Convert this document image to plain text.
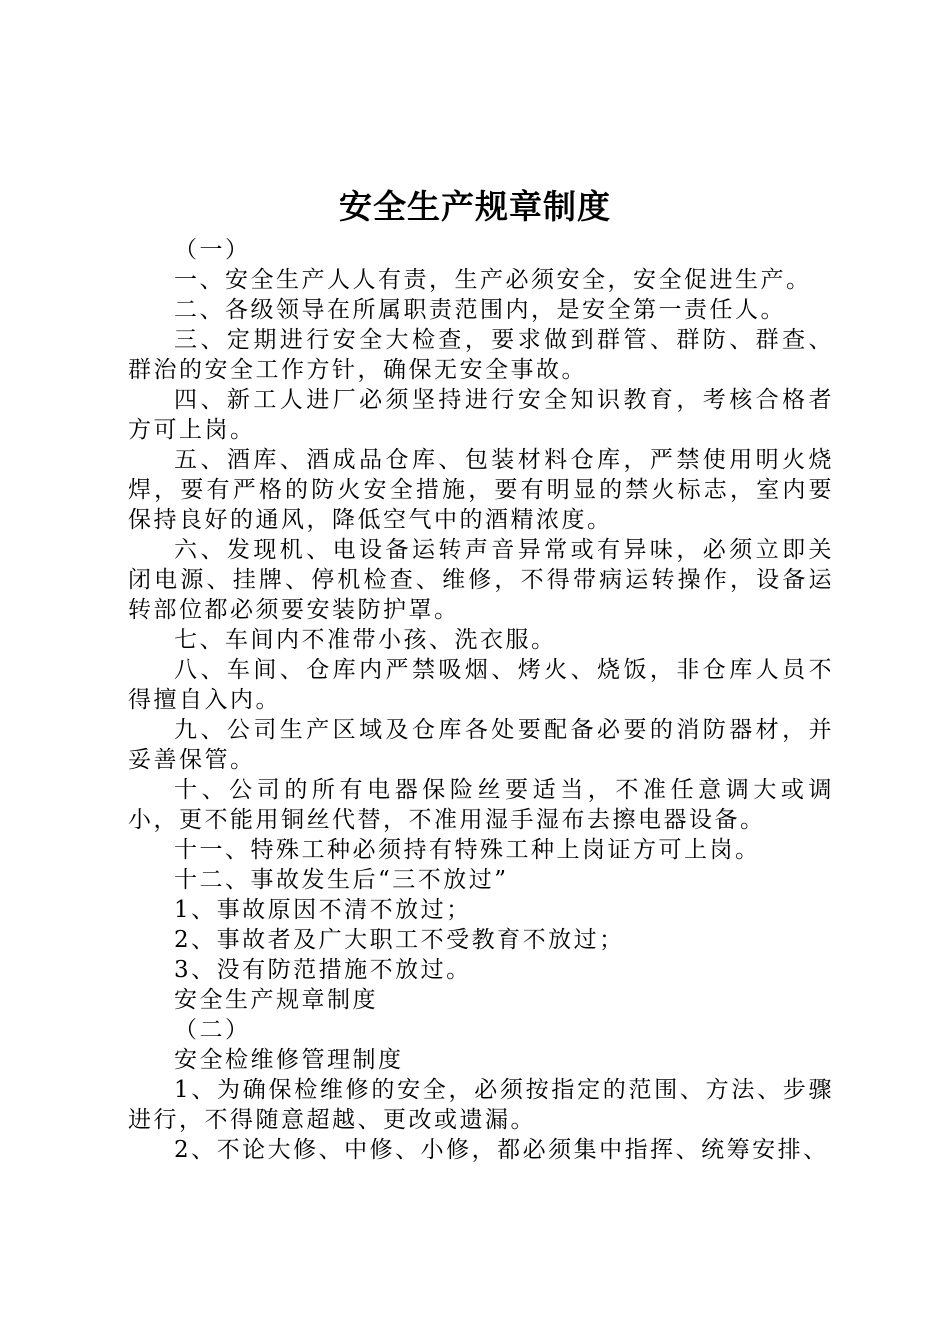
安全生产规章制度

（一）

一、安全生产人人有责，生产必须安全，安全促进生产。

二、各级领导在所属职责范围内，是安全第一责任人。

三、定期进行安全大检查，要求做到群管、群防、群查、群治的安全工作方针，确保无安全事故。

四、新工人进厂必须坚持进行安全知识教育，考核合格者方可上岗。

五、酒库、酒成品仓库、包装材料仓库，严禁使用明火烧焊，要有严格的防火安全措施，要有明显的禁火标志，室内要保持良好的通风，降低空气中的酒精浓度。

六、发现机、电设备运转声音异常或有异味，必须立即关闭电源、挂牌、停机检查、维修，不得带病运转操作，设备运转部位都必须要安装防护罩。

七、车间内不准带小孩、洗衣服。

八、车间、仓库内严禁吸烟、烤火、烧饭，非仓库人员不得擅自入内。

九、公司生产区域及仓库各处要配备必要的消防器材，并妥善保管。

十、公司的所有电器保险丝要适当，不准任意调大或调小，更不能用铜丝代替，不准用湿手湿布去擦电器设备。

十一、特殊工种必须持有特殊工种上岗证方可上岗。

十二、事故发生后“三不放过”

1、事故原因不清不放过；

2、事故者及广大职工不受教育不放过；

3、没有防范措施不放过。

安全生产规章制度

（二）

安全检维修管理制度

1、为确保检维修的安全，必须按指定的范围、方法、步骤进行，不得随意超越、更改或遗漏。

2、不论大修、中修、小修，都必须集中指挥、统筹安排、
